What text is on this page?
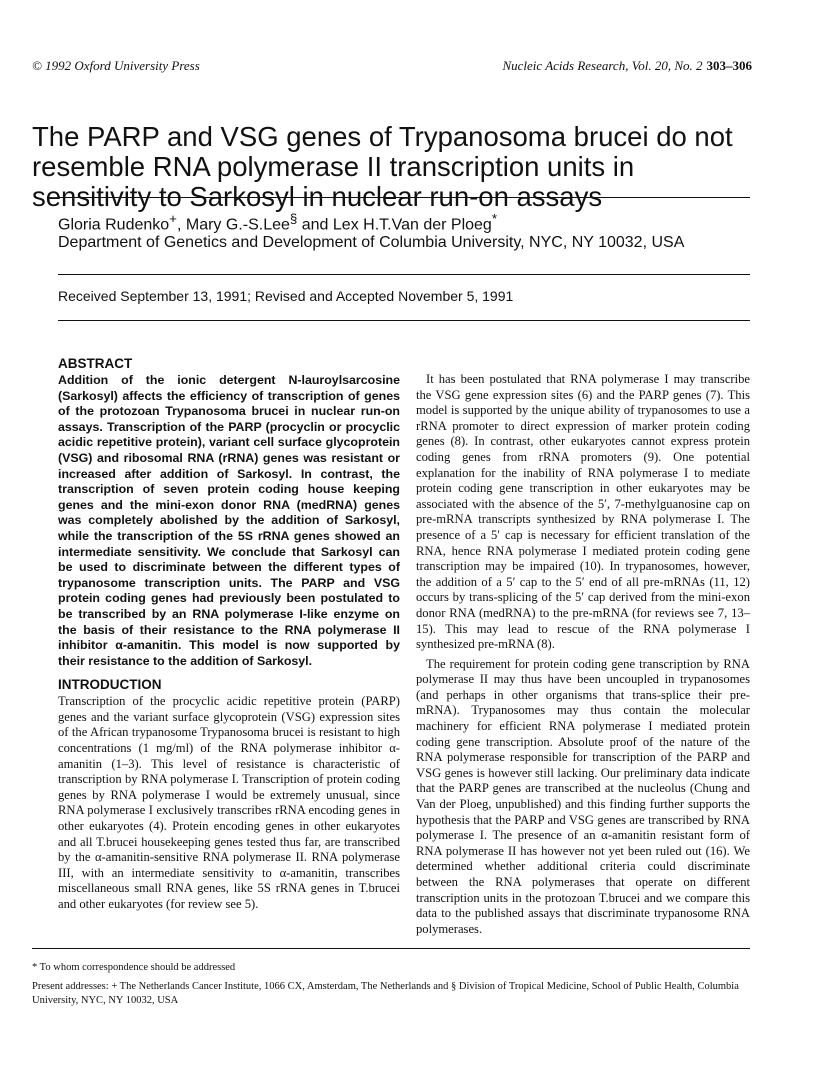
© 1992 Oxford University Press	Nucleic Acids Research, Vol. 20, No. 2 303–306
The PARP and VSG genes of Trypanosoma brucei do not
resemble RNA polymerase II transcription units in
sensitivity to Sarkosyl in nuclear run-on assays
Gloria Rudenko+, Mary G.-S.Lee§ and Lex H.T.Van der Ploeg*
Department of Genetics and Development of Columbia University, NYC, NY 10032, USA
Received September 13, 1991; Revised and Accepted November 5, 1991
ABSTRACT

Addition of the ionic detergent N-lauroylsarcosine (Sarkosyl) affects the efficiency of transcription of genes of the protozoan Trypanosoma brucei in nuclear run-on assays. Transcription of the PARP (procyclin or procyclic acidic repetitive protein), variant cell surface glycoprotein (VSG) and ribosomal RNA (rRNA) genes was resistant or increased after addition of Sarkosyl. In contrast, the transcription of seven protein coding house keeping genes and the mini-exon donor RNA (medRNA) genes was completely abolished by the addition of Sarkosyl, while the transcription of the 5S rRNA genes showed an intermediate sensitivity. We conclude that Sarkosyl can be used to discriminate between the different types of trypanosome transcription units. The PARP and VSG protein coding genes had previously been postulated to be transcribed by an RNA polymerase I-like enzyme on the basis of their resistance to the RNA polymerase II inhibitor α-amanitin. This model is now supported by their resistance to the addition of Sarkosyl.

INTRODUCTION

Transcription of the procyclic acidic repetitive protein (PARP) genes and the variant surface glycoprotein (VSG) expression sites of the African trypanosome Trypanosoma brucei is resistant to high concentrations (1 mg/ml) of the RNA polymerase inhibitor α-amanitin (1–3). This level of resistance is characteristic of transcription by RNA polymerase I. Transcription of protein coding genes by RNA polymerase I would be extremely unusual, since RNA polymerase I exclusively transcribes rRNA encoding genes in other eukaryotes (4). Protein encoding genes in other eukaryotes and all T.brucei housekeeping genes tested thus far, are transcribed by the α-amanitin-sensitive RNA polymerase II. RNA polymerase III, with an intermediate sensitivity to α-amanitin, transcribes miscellaneous small RNA genes, like 5S rRNA genes in T.brucei and other eukaryotes (for review see 5).

It has been postulated that RNA polymerase I may transcribe the VSG gene expression sites (6) and the PARP genes (7). This model is supported by the unique ability of trypanosomes to use a rRNA promoter to direct expression of marker protein coding genes (8). In contrast, other eukaryotes cannot express protein coding genes from rRNA promoters (9). One potential explanation for the inability of RNA polymerase I to mediate protein coding gene transcription in other eukaryotes may be associated with the absence of the 5′, 7-methylguanosine cap on pre-mRNA transcripts synthesized by RNA polymerase I. The presence of a 5′ cap is necessary for efficient translation of the RNA, hence RNA polymerase I mediated protein coding gene transcription may be impaired (10). In trypanosomes, however, the addition of a 5′ cap to the 5′ end of all pre-mRNAs (11, 12) occurs by trans-splicing of the 5′ cap derived from the mini-exon donor RNA (medRNA) to the pre-mRNA (for reviews see 7, 13–15). This may lead to rescue of the RNA polymerase I synthesized pre-mRNA (8).

The requirement for protein coding gene transcription by RNA polymerase II may thus have been uncoupled in trypanosomes (and perhaps in other organisms that trans-splice their pre-mRNA). Trypanosomes may thus contain the molecular machinery for efficient RNA polymerase I mediated protein coding gene transcription. Absolute proof of the nature of the RNA polymerase responsible for transcription of the PARP and VSG genes is however still lacking. Our preliminary data indicate that the PARP genes are transcribed at the nucleolus (Chung and Van der Ploeg, unpublished) and this finding further supports the hypothesis that the PARP and VSG genes are transcribed by RNA polymerase I. The presence of an α-amanitin resistant form of RNA polymerase II has however not yet been ruled out (16). We determined whether additional criteria could discriminate between the RNA polymerases that operate on different transcription units in the protozoan T.brucei and we compare this data to the published assays that discriminate trypanosome RNA polymerases.

* To whom correspondence should be addressed
Present addresses: + The Netherlands Cancer Institute, 1066 CX, Amsterdam, The Netherlands and § Division of Tropical Medicine, School of Public Health, Columbia University, NYC, NY 10032, USA
